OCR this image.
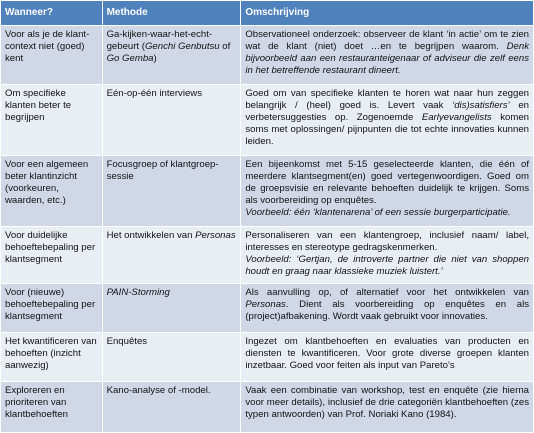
Wanneer?	Methode	Omschrijving
Voor als je de klant-context niet (goed) kent	Ga-kijken-waar-het-echt-gebeurt (Genchi Genbutsu of Go Gemba)	Observationeel onderzoek: observeer de klant ‘in actie’ om te zien wat de klant (niet) doet …en te begrijpen waarom. Denk bijvoorbeeld aan een restauranteigenaar of adviseur die zelf eens in het betreffende restaurant dineert.
Om specifieke klanten beter te begrijpen	Eén-op-één interviews	Goed om van specifieke klanten te horen wat naar hun zeggen belangrijk / (heel) goed is. Levert vaak ‘dis)satisfiers’ en verbetersuggesties op. Zogenoemde Earlyevangelists komen soms met oplossingen/ pijnpunten die tot echte innovaties kunnen leiden.
Voor een algemeen beter klantinzicht (voorkeuren, waarden, etc.)	Focusgroep of klantgroep-sessie	Een bijeenkomst met 5-15 geselecteerde klanten, die één of meerdere klantsegment(en) goed vertegenwoordigen. Goed om de groepsvisie en relevante behoeften duidelijk te krijgen. Soms als voorbereiding op enquêtes.
Voorbeeld: één ‘klantenarena’ of een sessie burgerparticipatie.

Voor duidelijke behoeftebepaling per klantsegment	Het ontwikkelen van Personas	Personaliseren van een klantengroep, inclusief naam/ label, interesses en stereotype gedragskenmerken.
Voorbeeld: ‘Gertjan, de introverte partner die niet van shoppen houdt en graag naar klassieke muziek luistert.’

Voor (nieuwe) behoeftebepaling per klantsegment	PAIN-Storming	Als aanvulling op, of alternatief voor het ontwikkelen van Personas. Dient als voorbereiding op enquêtes en als (project)afbakening. Wordt vaak gebruikt voor innovaties.
Het kwantificeren van behoeften (inzicht aanwezig)	Enquêtes	Ingezet om klantbehoeften en evaluaties van producten en diensten te kwantificeren. Voor grote diverse groepen klanten inzetbaar. Goed voor feiten als input van Pareto's
Exploreren en prioriteren van klantbehoeften	Kano-analyse of -model.	Vaak een combinatie van workshop, test en enquête (zie hierna voor meer details), inclusief de drie categoriën klantbehoeften (zes typen antwoorden) van Prof. Noriaki Kano (1984).
